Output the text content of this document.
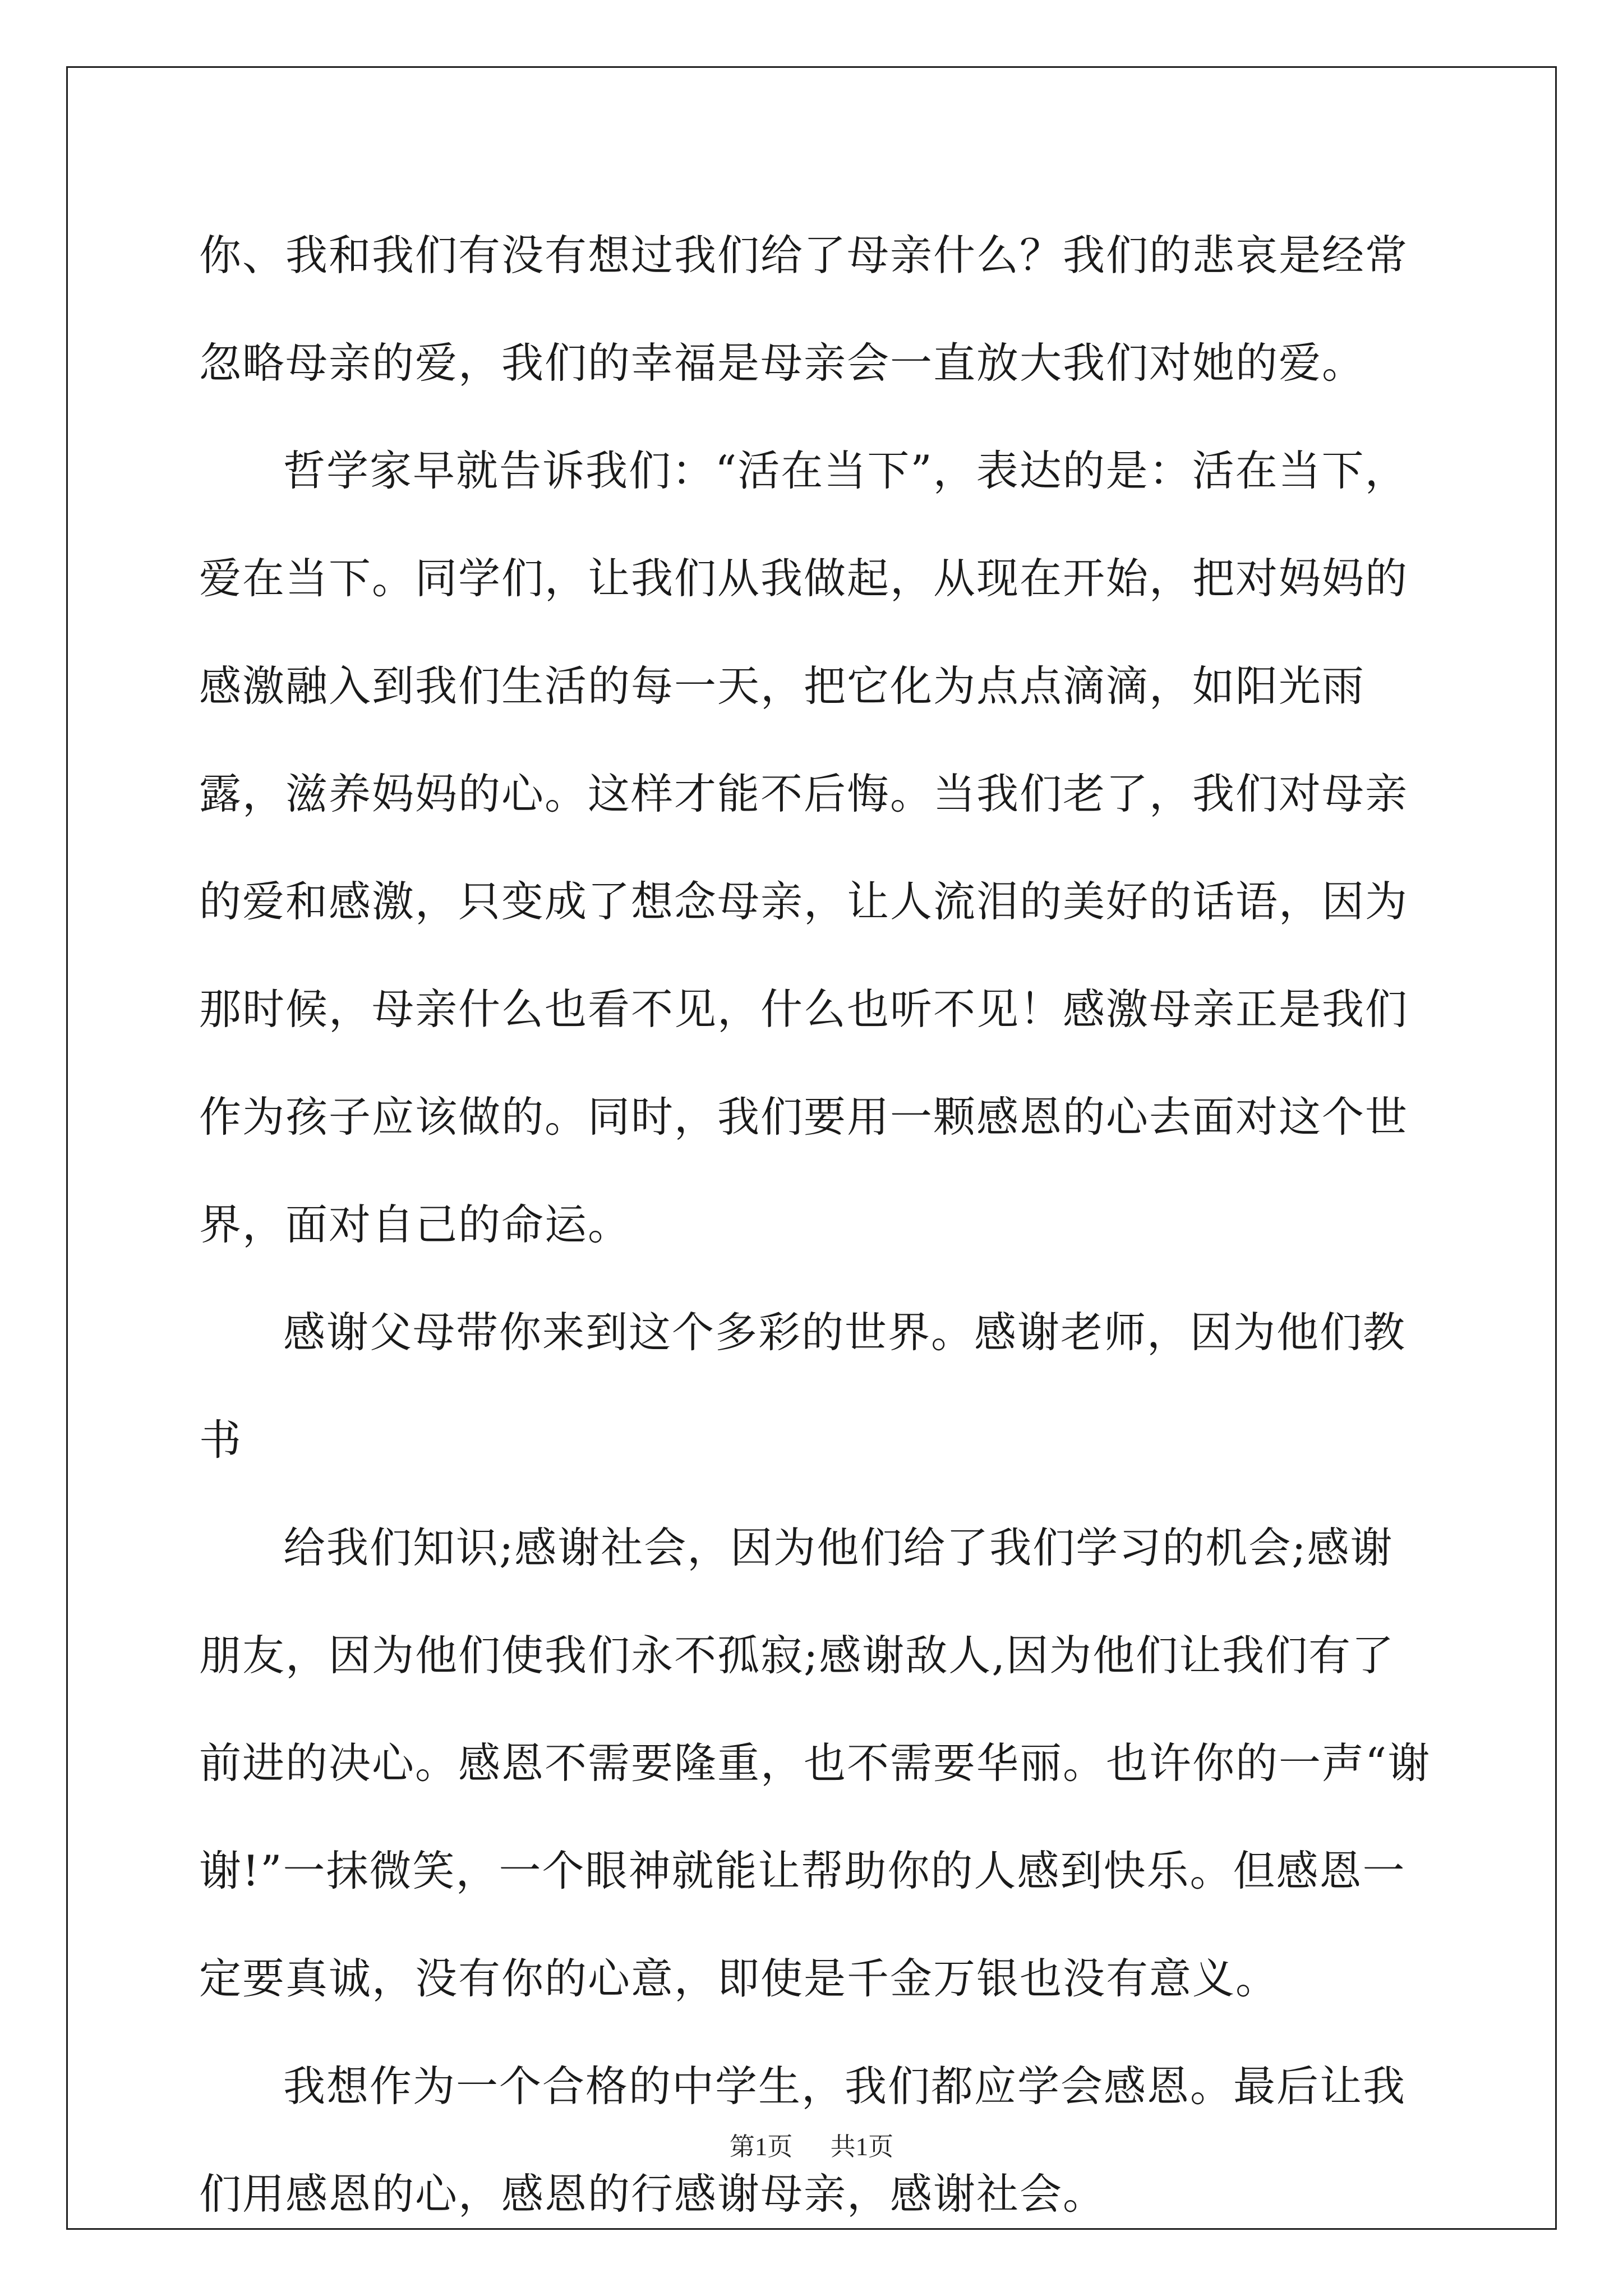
你、我和我们有没有想过我们给了母亲什么？我们的悲哀是经常忽略母亲的爱，我们的幸福是母亲会一直放大我们对她的爱。

哲学家早就告诉我们：“活在当下”，表达的是：活在当下，爱在当下。同学们，让我们从我做起，从现在开始，把对妈妈的感激融入到我们生活的每一天，把它化为点点滴滴，如阳光雨露，滋养妈妈的心。这样才能不后悔。当我们老了，我们对母亲的爱和感激，只变成了想念母亲，让人流泪的美好的话语，因为那时候，母亲什么也看不见，什么也听不见！感激母亲正是我们作为孩子应该做的。同时，我们要用一颗感恩的心去面对这个世界，面对自己的命运。

感谢父母带你来到这个多彩的世界。感谢老师，因为他们教书

给我们知识;感谢社会，因为他们给了我们学习的机会;感谢朋友，因为他们使我们永不孤寂;感谢敌人,因为他们让我们有了前进的决心。感恩不需要隆重，也不需要华丽。也许你的一声“谢谢!”一抹微笑，一个眼神就能让帮助你的人感到快乐。但感恩一定要真诚，没有你的心意，即使是千金万银也没有意义。

我想作为一个合格的中学生，我们都应学会感恩。最后让我们用感恩的心，感恩的行感谢母亲，感谢社会。

第1页 共1页
